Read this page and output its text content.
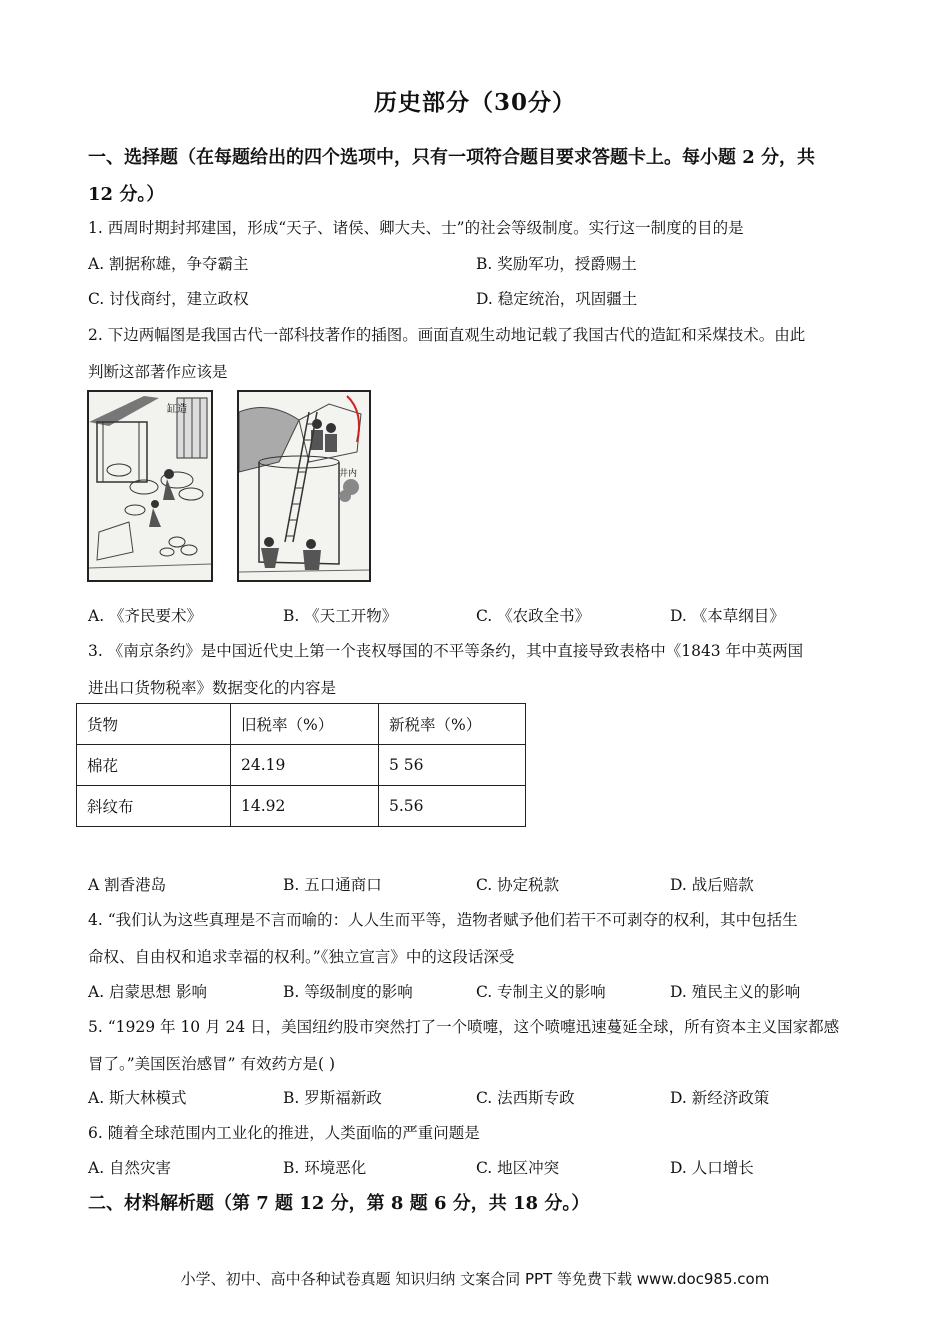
历史部分（30分）
一、选择题（在每题给出的四个选项中，只有一项符合题目要求答题卡上。每小题 2 分，共
12 分。）
1. 西周时期封邦建国，形成“天子、诸侯、卿大夫、士”的社会等级制度。实行这一制度的目的是
A. 割据称雄，争夺霸主	B. 奖励军功，授爵赐土
C. 讨伐商纣，建立政权	D. 稳定统治，巩固疆土
2. 下边两幅图是我国古代一部科技著作的插图。画面直观生动地记载了我国古代的造缸和采煤技术。由此
判断这部著作应该是
缸造
井内
A. 《齐民要术》	B. 《天工开物》	C. 《农政全书》	D. 《本草纲目》
3. 《南京条约》是中国近代史上第一个丧权辱国的不平等条约，其中直接导致表格中《1843 年中英两国
进出口货物税率》数据变化的内容是
货物	旧税率（%）	新税率（%）
棉花	24.19	5 56
斜纹布	14.92	5.56
A 割香港岛	B. 五口通商口	C. 协定税款	D. 战后赔款
4. “我们认为这些真理是不言而喻的：人人生而平等，造物者赋予他们若干不可剥夺的权利，其中包括生
命权、自由权和追求幸福的权利。”《独立宣言》中的这段话深受
A. 启蒙思想 影响	B. 等级制度的影响	C. 专制主义的影响	D. 殖民主义的影响
5. “1929 年 10 月 24 日，美国纽约股市突然打了一个喷嚏，这个喷嚏迅速蔓延全球，所有资本主义国家都感
冒了。”美国医治感冒” 有效药方是( )
A. 斯大林模式	B. 罗斯福新政	C. 法西斯专政	D. 新经济政策
6. 随着全球范围内工业化的推进，人类面临的严重问题是
A. 自然灾害	B. 环境恶化	C. 地区冲突	D. 人口增长
二、材料解析题（第 7 题 12 分，第 8 题 6 分，共 18 分。）
小学、初中、高中各种试卷真题 知识归纳 文案合同 PPT 等免费下载 www.doc985.com
